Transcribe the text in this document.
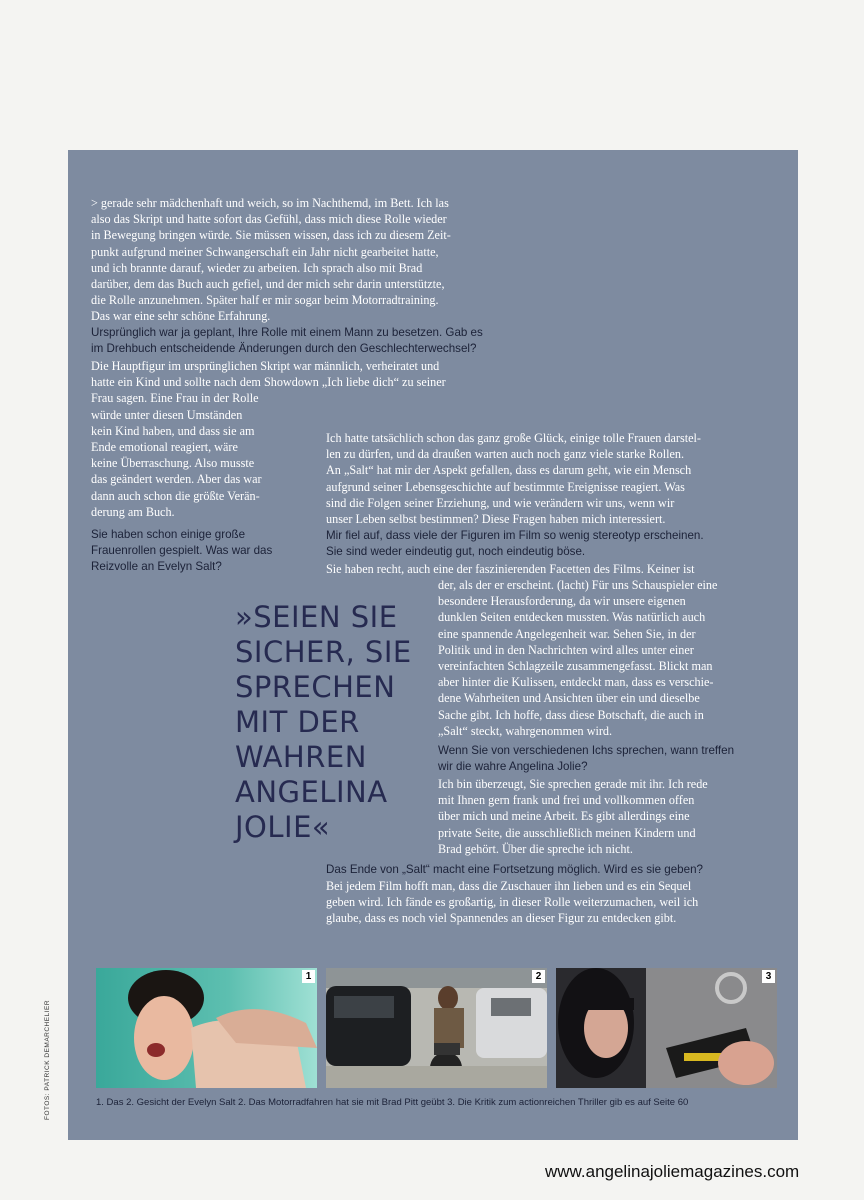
> gerade sehr mädchenhaft und weich, so im Nachthemd, im Bett. Ich las
also das Skript und hatte sofort das Gefühl, dass mich diese Rolle wieder
in Bewegung bringen würde. Sie müssen wissen, dass ich zu diesem Zeit-
punkt aufgrund meiner Schwangerschaft ein Jahr nicht gearbeitet hatte,
und ich brannte darauf, wieder zu arbeiten. Ich sprach also mit Brad
darüber, dem das Buch auch gefiel, und der mich sehr darin unterstützte,
die Rolle anzunehmen. Später half er mir sogar beim Motorradtraining.
Das war eine sehr schöne Erfahrung.
Ursprünglich war ja geplant, Ihre Rolle mit einem Mann zu besetzen. Gab es
im Drehbuch entscheidende Änderungen durch den Geschlechterwechsel?
Die Hauptfigur im ursprünglichen Skript war männlich, verheiratet und
hatte ein Kind und sollte nach dem Showdown „Ich liebe dich“ zu seiner
Frau sagen. Eine Frau in der Rolle
würde unter diesen Umständen
kein Kind haben, und dass sie am
Ende emotional reagiert, wäre
keine Überraschung. Also musste
das geändert werden. Aber das war
dann auch schon die größte Verän-
derung am Buch.
Sie haben schon einige große
Frauenrollen gespielt. Was war das
Reizvolle an Evelyn Salt?
Ich hatte tatsächlich schon das ganz große Glück, einige tolle Frauen darstel-
len zu dürfen, und da draußen warten auch noch ganz viele starke Rollen.
An „Salt“ hat mir der Aspekt gefallen, dass es darum geht, wie ein Mensch
aufgrund seiner Lebensgeschichte auf bestimmte Ereignisse reagiert. Was
sind die Folgen seiner Erziehung, und wie verändern wir uns, wenn wir
unser Leben selbst bestimmen? Diese Fragen haben mich interessiert.
Mir fiel auf, dass viele der Figuren im Film so wenig stereotyp erscheinen.
Sie sind weder eindeutig gut, noch eindeutig böse.
Sie haben recht, auch eine der faszinierenden Facetten des Films. Keiner ist
der, als der er erscheint. (lacht) Für uns Schauspieler eine
besondere Herausforderung, da wir unsere eigenen
dunklen Seiten entdecken mussten. Was natürlich auch
eine spannende Angelegenheit war. Sehen Sie, in der
Politik und in den Nachrichten wird alles unter einer
vereinfachten Schlagzeile zusammengefasst. Blickt man
aber hinter die Kulissen, entdeckt man, dass es verschie-
dene Wahrheiten und Ansichten über ein und dieselbe
Sache gibt. Ich hoffe, dass diese Botschaft, die auch in
„Salt“ steckt, wahrgenommen wird.
Wenn Sie von verschiedenen Ichs sprechen, wann treffen
wir die wahre Angelina Jolie?
Ich bin überzeugt, Sie sprechen gerade mit ihr. Ich rede
mit Ihnen gern frank und frei und vollkommen offen
über mich und meine Arbeit. Es gibt allerdings eine
private Seite, die ausschließlich meinen Kindern und
Brad gehört. Über die spreche ich nicht.
Das Ende von „Salt“ macht eine Fortsetzung möglich. Wird es sie geben?
Bei jedem Film hofft man, dass die Zuschauer ihn lieben und es ein Sequel
geben wird. Ich fände es großartig, in dieser Rolle weiterzumachen, weil ich
glaube, dass es noch viel Spannendes an dieser Figur zu entdecken gibt.
»SEIEN SIE SICHER, SIE SPRECHEN MIT DER WAHREN ANGELINA JOLIE«
1	2	3
1. Das 2. Gesicht der Evelyn Salt 2. Das Motorradfahren hat sie mit Brad Pitt geübt 3. Die Kritik zum actionreichen Thriller gib es auf Seite 60
FOTOS: PATRICK DEMARCHELIER
www.angelinajoliemagazines.com
